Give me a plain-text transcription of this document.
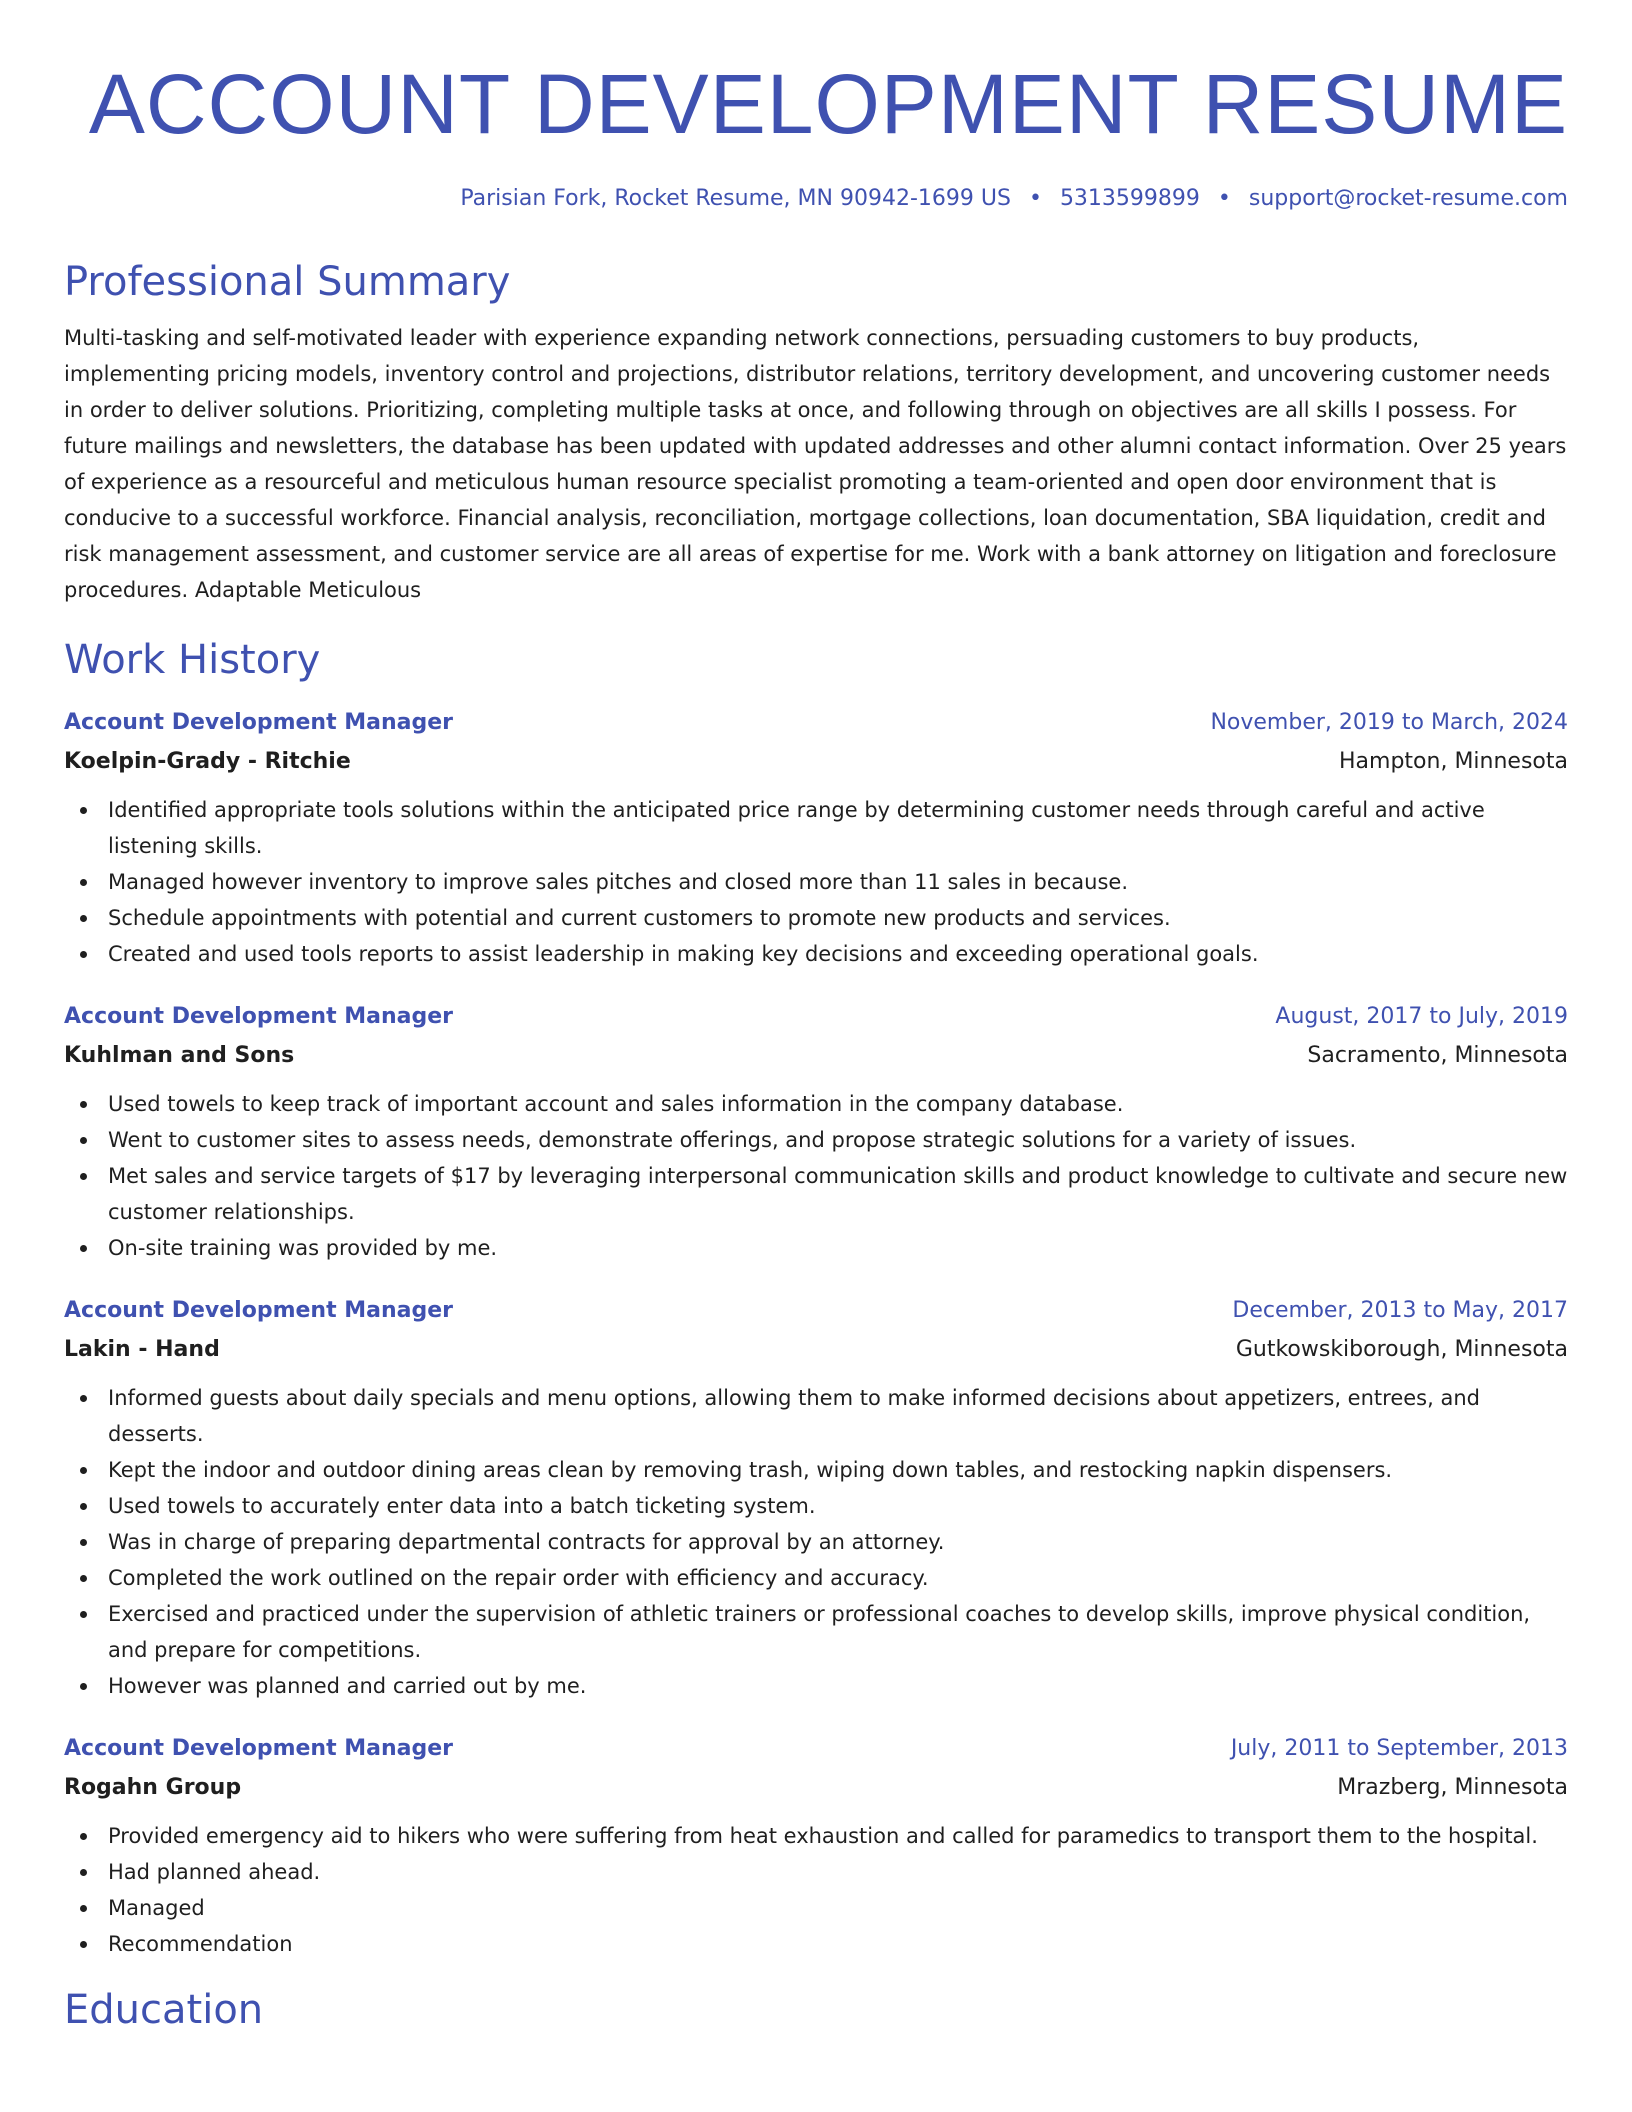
ACCOUNT DEVELOPMENT RESUME
Parisian Fork, Rocket Resume, MN 90942-1699 US • 5313599899 • support@rocket-resume.com
Professional Summary

Multi-tasking and self-motivated leader with experience expanding network connections, persuading customers to buy products, implementing pricing models, inventory control and projections, distributor relations, territory development, and uncovering customer needs in order to deliver solutions. Prioritizing, completing multiple tasks at once, and following through on objectives are all skills I possess. For future mailings and newsletters, the database has been updated with updated addresses and other alumni contact information. Over 25 years of experience as a resourceful and meticulous human resource specialist promoting a team-oriented and open door environment that is conducive to a successful workforce. Financial analysis, reconciliation, mortgage collections, loan documentation, SBA liquidation, credit and risk management assessment, and customer service are all areas of expertise for me. Work with a bank attorney on litigation and foreclosure procedures. Adaptable Meticulous

Work History
Account Development Manager	November, 2019 to March, 2024
Koelpin-Grady - Ritchie	Hampton, Minnesota
Identified appropriate tools solutions within the anticipated price range by determining customer needs through careful and active listening skills.
Managed however inventory to improve sales pitches and closed more than 11 sales in because.
Schedule appointments with potential and current customers to promote new products and services.
Created and used tools reports to assist leadership in making key decisions and exceeding operational goals.
Account Development Manager	August, 2017 to July, 2019
Kuhlman and Sons	Sacramento, Minnesota
Used towels to keep track of important account and sales information in the company database.
Went to customer sites to assess needs, demonstrate offerings, and propose strategic solutions for a variety of issues.
Met sales and service targets of $17 by leveraging interpersonal communication skills and product knowledge to cultivate and secure new customer relationships.
On-site training was provided by me.
Account Development Manager	December, 2013 to May, 2017
Lakin - Hand	Gutkowskiborough, Minnesota
Informed guests about daily specials and menu options, allowing them to make informed decisions about appetizers, entrees, and desserts.
Kept the indoor and outdoor dining areas clean by removing trash, wiping down tables, and restocking napkin dispensers.
Used towels to accurately enter data into a batch ticketing system.
Was in charge of preparing departmental contracts for approval by an attorney.
Completed the work outlined on the repair order with efficiency and accuracy.
Exercised and practiced under the supervision of athletic trainers or professional coaches to develop skills, improve physical condition, and prepare for competitions.
However was planned and carried out by me.
Account Development Manager	July, 2011 to September, 2013
Rogahn Group	Mrazberg, Minnesota
Provided emergency aid to hikers who were suffering from heat exhaustion and called for paramedics to transport them to the hospital.
Had planned ahead.
Managed
Recommendation
Education
